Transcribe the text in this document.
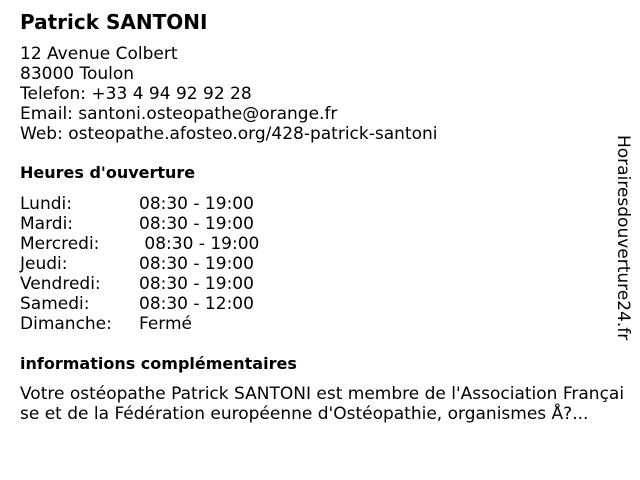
Patrick SANTONI
12 Avenue Colbert
83000 Toulon
Telefon: +33 4 94 92 92 28
Email: santoni.osteopathe@orange.fr
Web: osteopathe.afosteo.org/428-patrick-santoni
Heures d'ouverture
Lundi:	08:30 - 19:00
Mardi:	08:30 - 19:00
Mercredi:	08:30 - 19:00
Jeudi:	08:30 - 19:00
Vendredi:	08:30 - 19:00
Samedi:	08:30 - 12:00
Dimanche:	Fermé
informations complémentaires
Votre ostéopathe Patrick SANTONI est membre de l'Association Française et de la Fédération européenne d'Ostéopathie, organismes Å?...
Horairesdouverture24.fr
